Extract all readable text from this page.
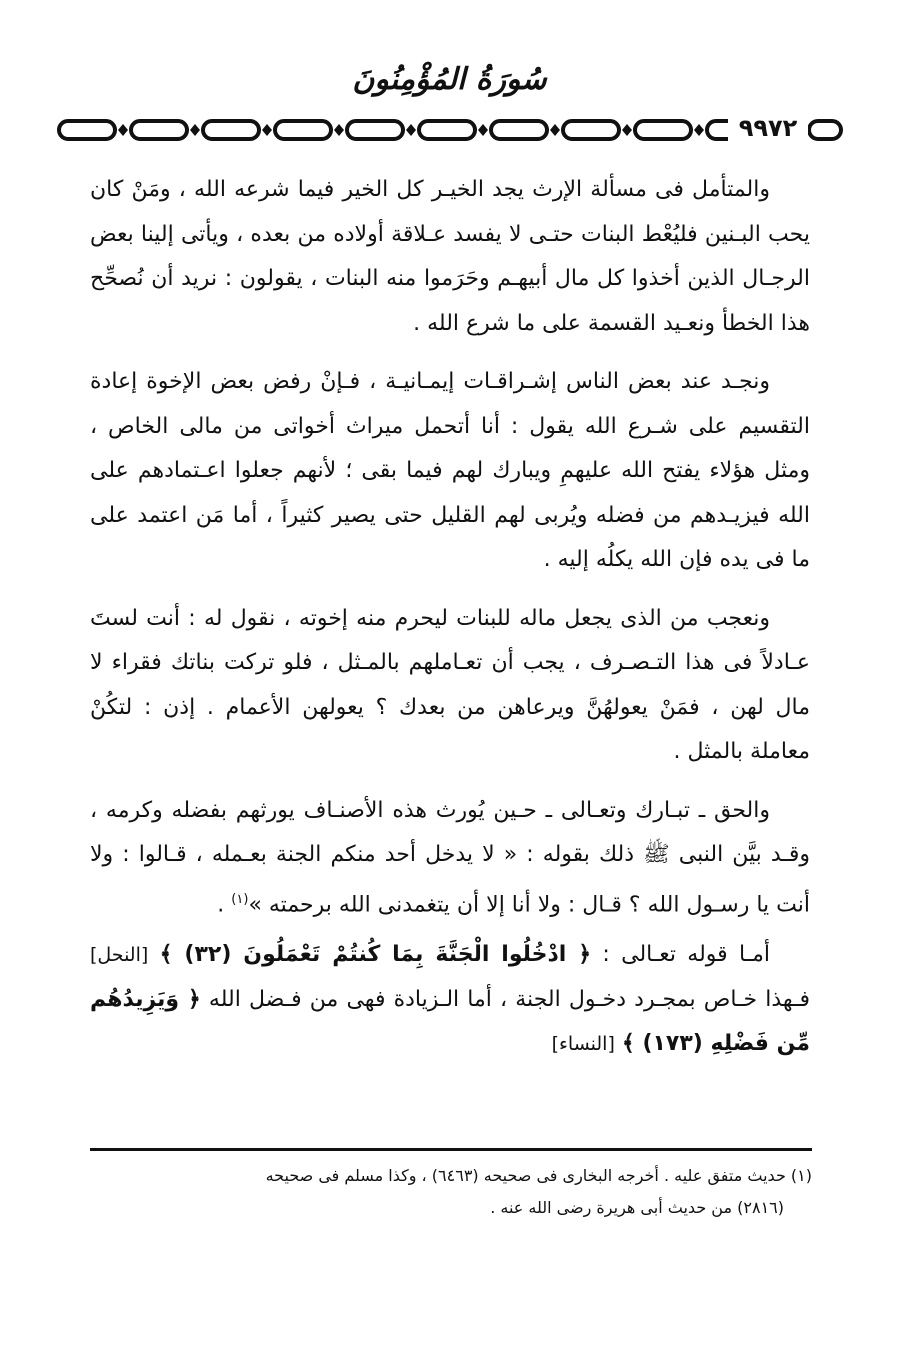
سُورَةُ المُؤْمِنُونَ
٩٩٧٢

والمتأمل فى مسألة الإرث يجد الخيـر كل الخير فيما شرعه الله ، ومَنْ كان يحب البـنين فليُعْط البنات حتـى لا يفسد عـلاقة أولاده من بعده ، ويأتى إلينا بعض الرجـال الذين أخذوا كل مال أبيهـم وحَرَموا منه البنات ، يقولون : نريد أن نُصحِّح هذا الخطأ ونعـيد القسمة على ما شرع الله .

ونجـد عند بعض الناس إشـراقـات إيمـانيـة ، فـإنْ رفض بعض الإخوة إعادة التقسيم على شـرع الله يقول : أنا أتحمل ميراث أخواتى من مالى الخاص ، ومثل هؤلاء يفتح الله عليهمِ ويبارك لهم فيما بقى ؛ لأنهم جعلوا اعـتمادهم على الله فيزيـدهم من فضله ويُربى لهم القليل حتى يصير كثيراً ، أما مَن اعتمد على ما فى يده فإن الله يكلُه إليه .

ونعجب من الذى يجعل ماله للبنات ليحرم منه إخوته ، نقول له : أنت لستَ عـادلاً فى هذا التـصـرف ، يجب أن تعـاملهم بالمـثل ، فلو تركت بناتك فقراء لا مال لهن ، فمَنْ يعولهُنَّ ويرعاهن من بعدك ؟ يعولهن الأعمام . إذن : لتكُنْ معاملة بالمثل .

والحق ـ تبـارك وتعـالى ـ حـين يُورث هذه الأصنـاف يورثهم بفضله وكرمه ، وقـد بيَّن النبى ﷺ ذلك بقوله : « لا يدخل أحد منكم الجنة بعـمله ، قـالوا : ولا أنت يا رسـول الله ؟ قـال : ولا أنا إلا أن يتغمدنى الله برحمته »$^{(١)}$ .

أمـا قوله تعـالى : ﴿ ادْخُلُوا الْجَنَّةَ بِمَا كُنتُمْ تَعْمَلُونَ (٣٢) ﴾ [النحل] فـهذا خـاص بمجـرد دخـول الجنة ، أما الـزيادة فهى من فـضل الله ﴿ وَيَزِيدُهُم مِّن فَضْلِهِ (١٧٣) ﴾ [النساء]

(١) حديث متفق عليه . أخرجه البخارى فى صحيحه (٦٤٦٣) ، وكذا مسلم فى صحيحه
(٢٨١٦) من حديث أبى هريرة رضى الله عنه .
